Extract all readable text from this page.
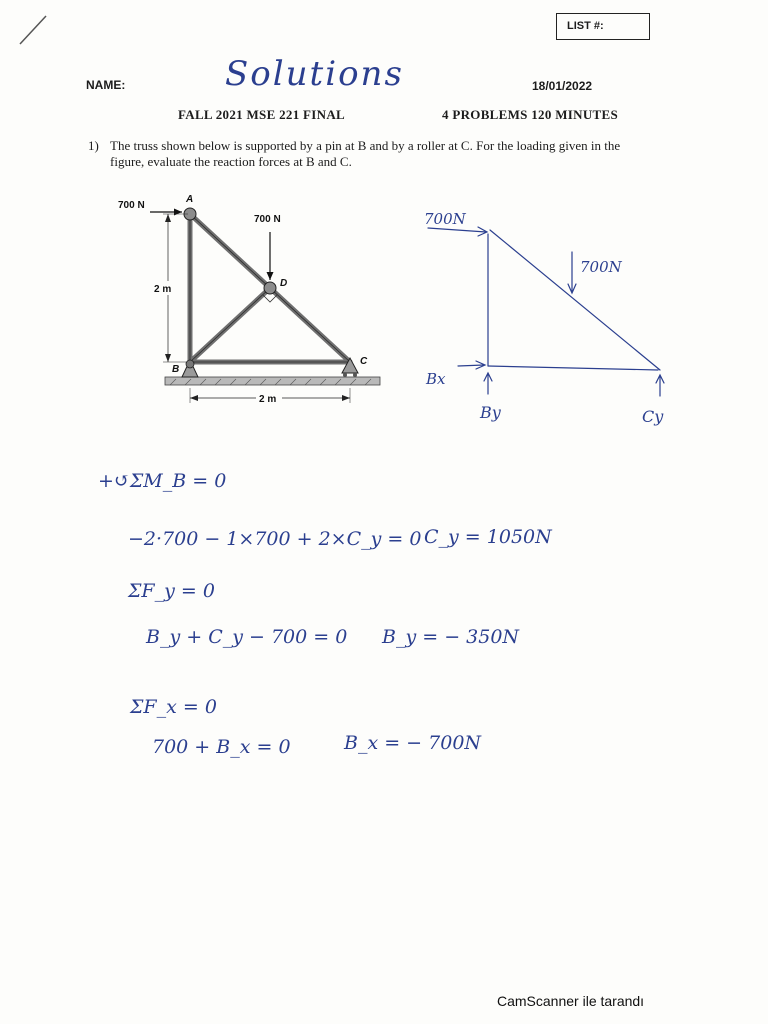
LIST #:
NAME:	Solutions	18/01/2022
FALL 2021 MSE 221 FINAL	4 PROBLEMS 120 MINUTES
1) The truss shown below is supported by a pin at B and by a roller at C. For the loading given in the figure, evaluate the reaction forces at B and C.
700 N
700 N
2 m
2 m
A
B
C
D
700N
700N
Bx
By	Cy
+↺ΣM_B = 0
−2·700 − 1×700 + 2×C_y = 0 C_y = 1050N
ΣF_y = 0
B_y + C_y − 700 = 0 B_y = − 350N
ΣF_x = 0
700 + B_x = 0	B_x = − 700N
CamScanner ile tarandı
